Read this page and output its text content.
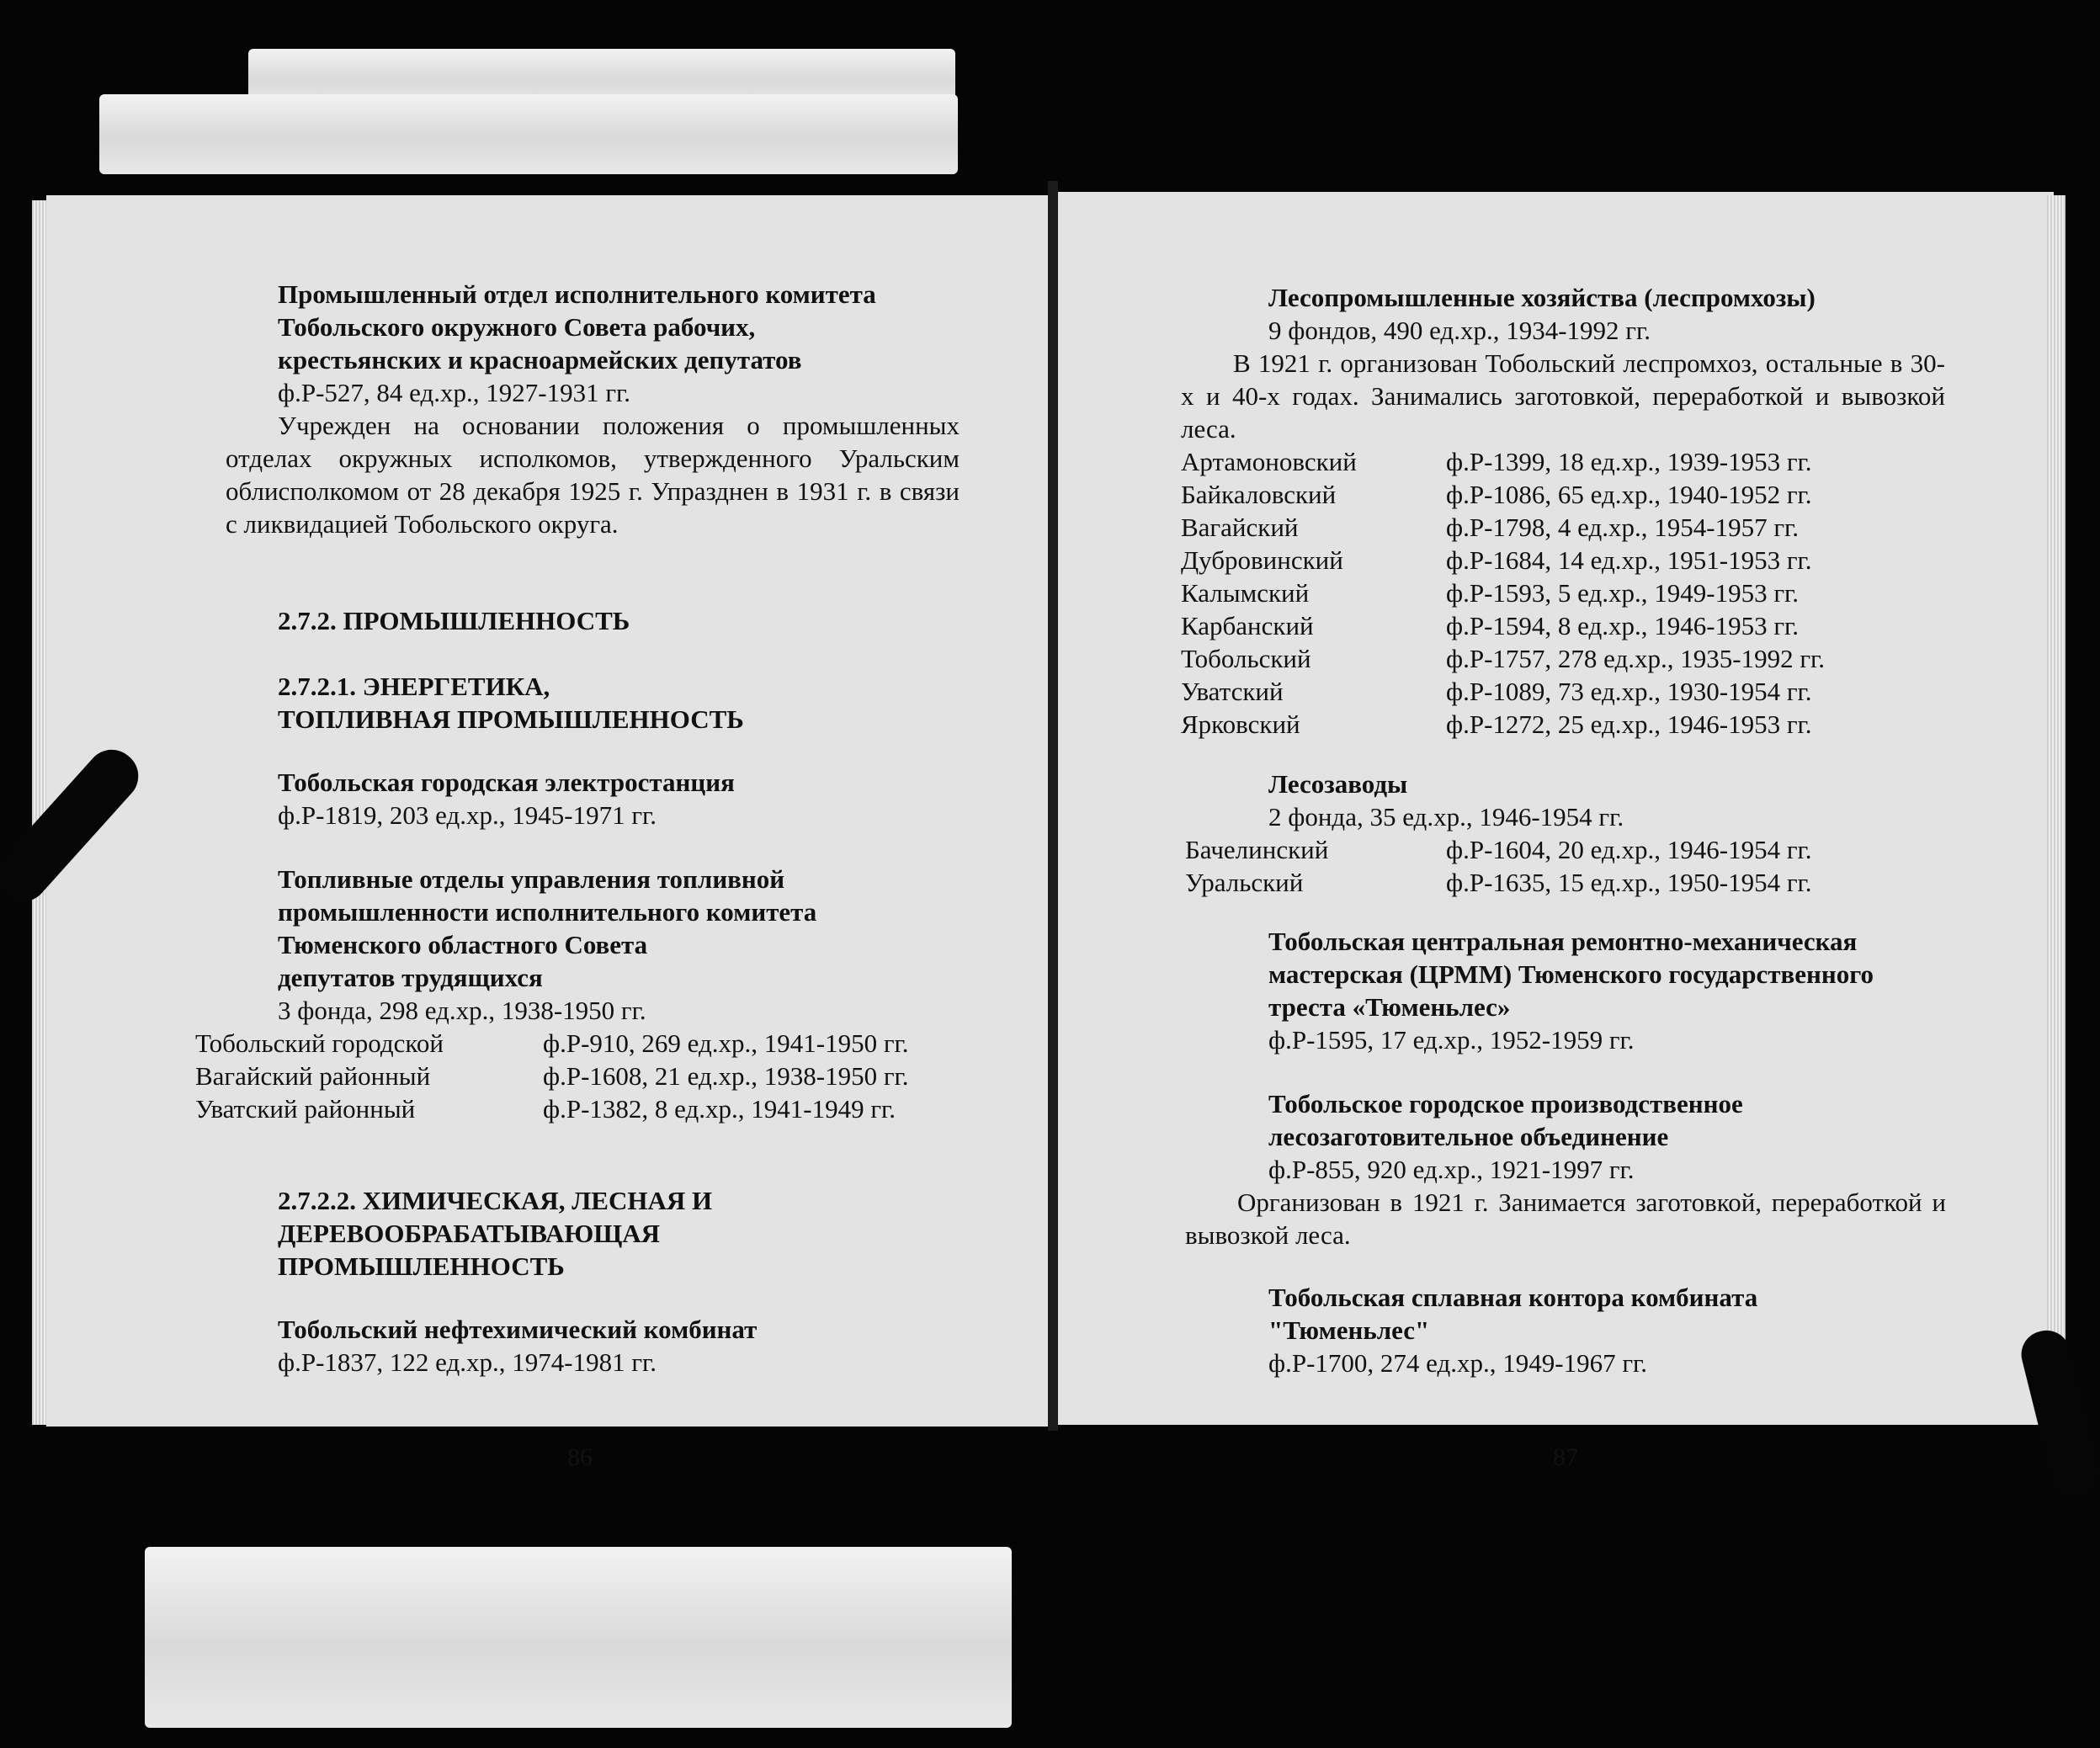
Промышленный отдел исполнительного комитета
Тобольского окружного Совета рабочих,
крестьянских и красноармейских депутатов
ф.Р-527, 84 ед.хр., 1927-1931 гг.
Учрежден на основании положения о промышленных отделах окружных исполкомов, утвержденного Уральским облисполкомом от 28 декабря 1925 г. Упразднен в 1931 г. в связи с ликвидацией Тобольского округа.
2.7.2. ПРОМЫШЛЕННОСТЬ
2.7.2.1. ЭНЕРГЕТИКА,
ТОПЛИВНАЯ ПРОМЫШЛЕННОСТЬ
Тобольская городская электростанция
ф.Р-1819, 203 ед.хр., 1945-1971 гг.
Топливные отделы управления топливной
промышленности исполнительного комитета
Тюменского областного Совета
депутатов трудящихся
3 фонда, 298 ед.хр., 1938-1950 гг.
Тобольский городской	ф.Р-910, 269 ед.хр., 1941-1950 гг.
Вагайский районный	ф.Р-1608, 21 ед.хр., 1938-1950 гг.
Уватский районный	ф.Р-1382, 8 ед.хр., 1941-1949 гг.
2.7.2.2. ХИМИЧЕСКАЯ, ЛЕСНАЯ И
ДЕРЕВООБРАБАТЫВАЮЩАЯ
ПРОМЫШЛЕННОСТЬ
Тобольский нефтехимический комбинат
ф.Р-1837, 122 ед.хр., 1974-1981 гг.
86
Лесопромышленные хозяйства (леспромхозы)
9 фондов, 490 ед.хр., 1934-1992 гг.
В 1921 г. организован Тобольский леспромхоз, остальные в 30-х и 40-х годах. Занимались заготовкой, переработкой и вывозкой леса.
Артамоновский	ф.Р-1399, 18 ед.хр., 1939-1953 гг.
Байкаловский	ф.Р-1086, 65 ед.хр., 1940-1952 гг.
Вагайский	ф.Р-1798, 4 ед.хр., 1954-1957 гг.
Дубровинский	ф.Р-1684, 14 ед.хр., 1951-1953 гг.
Калымский	ф.Р-1593, 5 ед.хр., 1949-1953 гг.
Карбанский	ф.Р-1594, 8 ед.хр., 1946-1953 гг.
Тобольский	ф.Р-1757, 278 ед.хр., 1935-1992 гг.
Уватский	ф.Р-1089, 73 ед.хр., 1930-1954 гг.
Ярковский	ф.Р-1272, 25 ед.хр., 1946-1953 гг.
Лесозаводы
2 фонда, 35 ед.хр., 1946-1954 гг.
Бачелинский	ф.Р-1604, 20 ед.хр., 1946-1954 гг.
Уральский	ф.Р-1635, 15 ед.хр., 1950-1954 гг.
Тобольская центральная ремонтно-механическая
мастерская (ЦРММ) Тюменского государственного
треста «Тюменьлес»
ф.Р-1595, 17 ед.хр., 1952-1959 гг.
Тобольское городское производственное
лесозаготовительное объединение
ф.Р-855, 920 ед.хр., 1921-1997 гг.
Организован в 1921 г. Занимается заготовкой, переработкой и вывозкой леса.
Тобольская сплавная контора комбината
"Тюменьлес"
ф.Р-1700, 274 ед.хр., 1949-1967 гг.
87
